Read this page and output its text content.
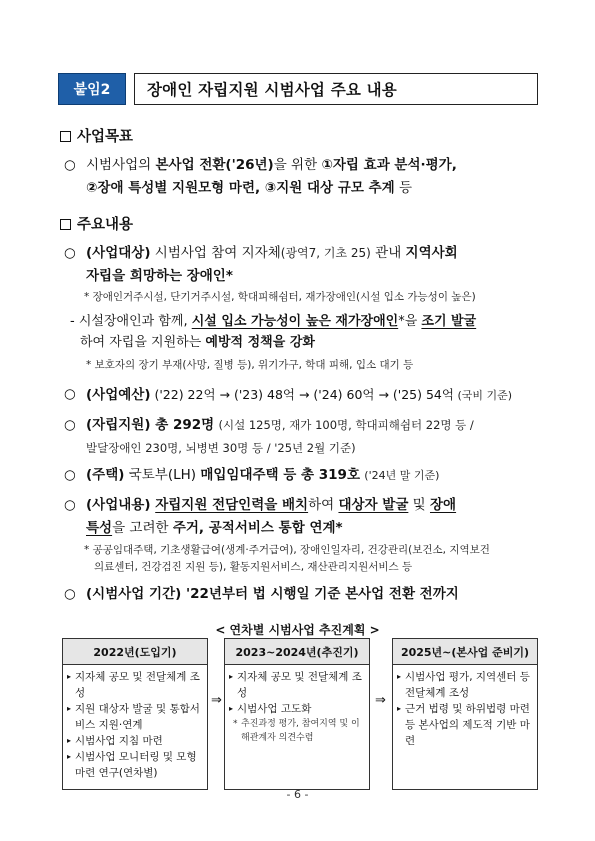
붙임2	장애인 자립지원 시범사업 주요 내용
사업목표
○ 시범사업의 본사업 전환('26년)을 위한 ①자립 효과 분석·평가,
②장애 특성별 지원모형 마련, ③지원 대상 규모 추계 등
주요내용
○ (사업대상) 시범사업 참여 지자체(광역7, 기초 25) 관내 지역사회
자립을 희망하는 장애인*
* 장애인거주시설, 단기거주시설, 학대피해쉼터, 재가장애인(시설 입소 가능성이 높은)
- 시설장애인과 함께, 시설 입소 가능성이 높은 재가장애인*을 조기 발굴
하여 자립을 지원하는 예방적 정책을 강화
* 보호자의 장기 부재(사망, 질병 등), 위기가구, 학대 피해, 입소 대기 등
○ (사업예산) ('22) 22억 → ('23) 48억 → ('24) 60억 → ('25) 54억 (국비 기준)
○ (자립지원) 총 292명 (시설 125명, 재가 100명, 학대피해쉼터 22명 등 /
발달장애인 230명, 뇌병변 30명 등 / '25년 2월 기준)
○ (주택) 국토부(LH) 매입임대주택 등 총 319호 ('24년 말 기준)
○ (사업내용) 자립지원 전담인력을 배치하여 대상자 발굴 및 장애
특성을 고려한 주거, 공적서비스 통합 연계*
* 공공임대주택, 기초생활급여(생계·주거급여), 장애인일자리, 건강관리(보건소, 지역보건
의료센터, 건강검진 지원 등), 활동지원서비스, 재산관리지원서비스 등
○ (시범사업 기간) '22년부터 법 시행일 기준 본사업 전환 전까지
< 연차별 시범사업 추진계획 >
2022년(도입기)
▸ 지자체 공모 및 전달체계 조성
▸ 지원 대상자 발굴 및 통합서비스 지원·연계
▸ 시범사업 지침 마련
▸ 시범사업 모니터링 및 모형 마련 연구(연차별)
⇒
2023~2024년(추진기)
▸ 지자체 공모 및 전달체계 조성
▸ 시범사업 고도화
* 추진과정 평가, 참여지역 및 이해관계자 의견수렴
⇒
2025년~(본사업 준비기)
▸ 시범사업 평가, 지역센터 등 전달체계 조성
▸ 근거 법령 및 하위법령 마련 등 본사업의 제도적 기반 마련
- 6 -
